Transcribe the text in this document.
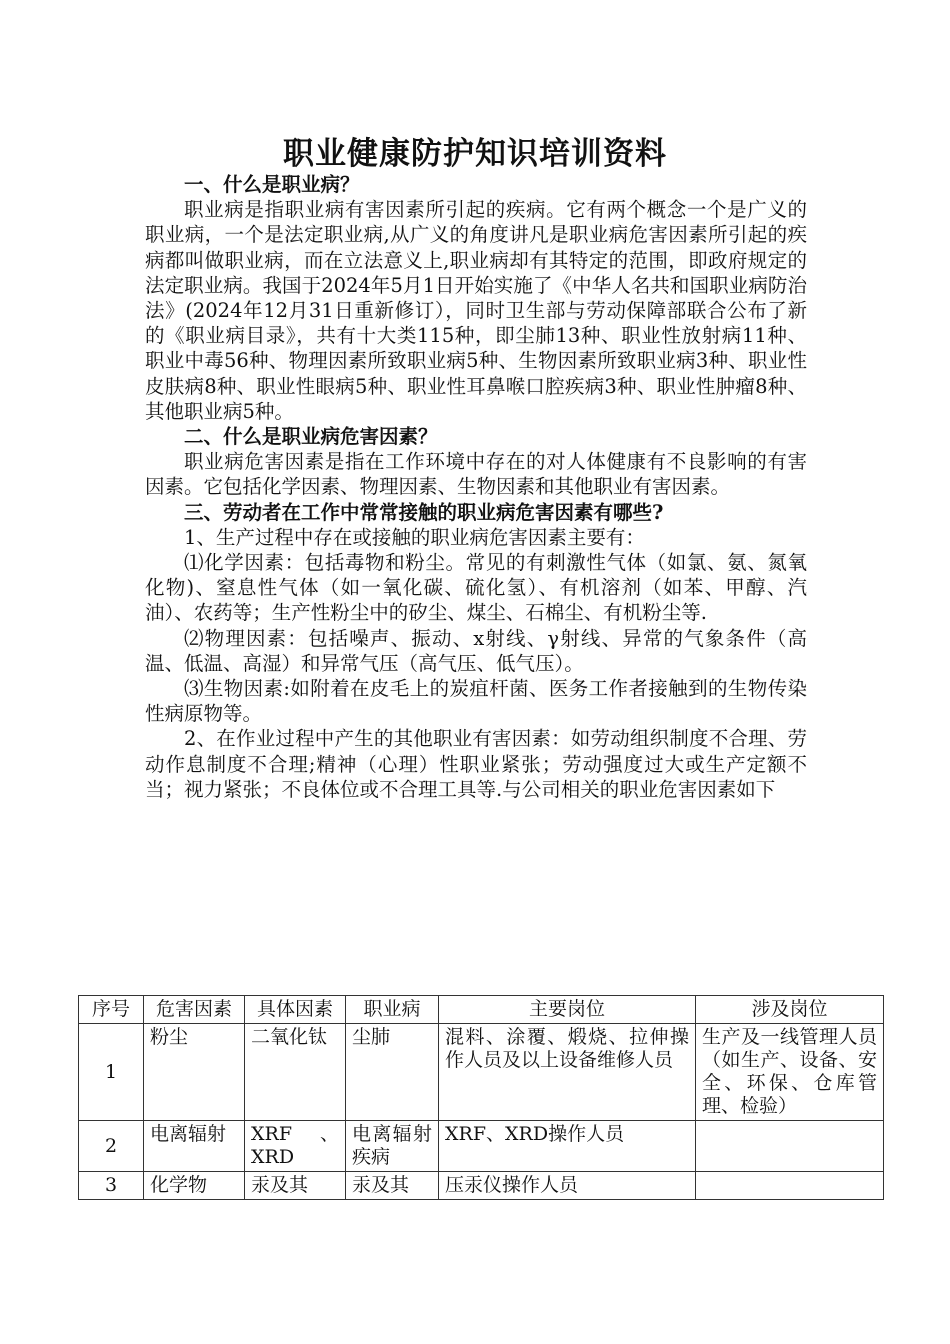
职业健康防护知识培训资料

一、什么是职业病？

职业病是指职业病有害因素所引起的疾病。它有两个概念一个是广义的职业病，一个是法定职业病,从广义的角度讲凡是职业病危害因素所引起的疾病都叫做职业病，而在立法意义上,职业病却有其特定的范围，即政府规定的法定职业病。我国于2024年5月1日开始实施了《中华人名共和国职业病防治法》(2024年12月31日重新修订），同时卫生部与劳动保障部联合公布了新的《职业病目录》，共有十大类115种，即尘肺13种、职业性放射病11种、职业中毒56种、物理因素所致职业病5种、生物因素所致职业病3种、职业性皮肤病8种、职业性眼病5种、职业性耳鼻喉口腔疾病3种、职业性肿瘤8种、其他职业病5种。

二、什么是职业病危害因素？

职业病危害因素是指在工作环境中存在的对人体健康有不良影响的有害因素。它包括化学因素、物理因素、生物因素和其他职业有害因素。

三、劳动者在工作中常常接触的职业病危害因素有哪些?

1、生产过程中存在或接触的职业病危害因素主要有：

⑴化学因素：包括毒物和粉尘。常见的有刺激性气体（如氯、氨、氮氧化物)、窒息性气体（如一氧化碳、硫化氢）、有机溶剂（如苯、甲醇、汽油）、农药等；生产性粉尘中的矽尘、煤尘、石棉尘、有机粉尘等.

⑵物理因素：包括噪声、振动、x射线、γ射线、异常的气象条件（高温、低温、高湿）和异常气压（高气压、低气压）。

⑶生物因素:如附着在皮毛上的炭疽杆菌、医务工作者接触到的生物传染性病原物等。

2、在作业过程中产生的其他职业有害因素：如劳动组织制度不合理、劳动作息制度不合理;精神（心理）性职业紧张；劳动强度过大或生产定额不当；视力紧张；不良体位或不合理工具等.与公司相关的职业危害因素如下

序号	危害因素	具体因素	职业病	主要岗位	涉及岗位
1	粉尘	二氧化钛	尘肺	混料、涂覆、煅烧、拉伸操作人员及以上设备维修人员	生产及一线管理人员（如生产、设备、安全、环保、仓库管理、检验）
2	电离辐射	XRF、XRD	电离辐射疾病	XRF、XRD操作人员	
3	化学物	汞及其	汞及其	压汞仪操作人员	
